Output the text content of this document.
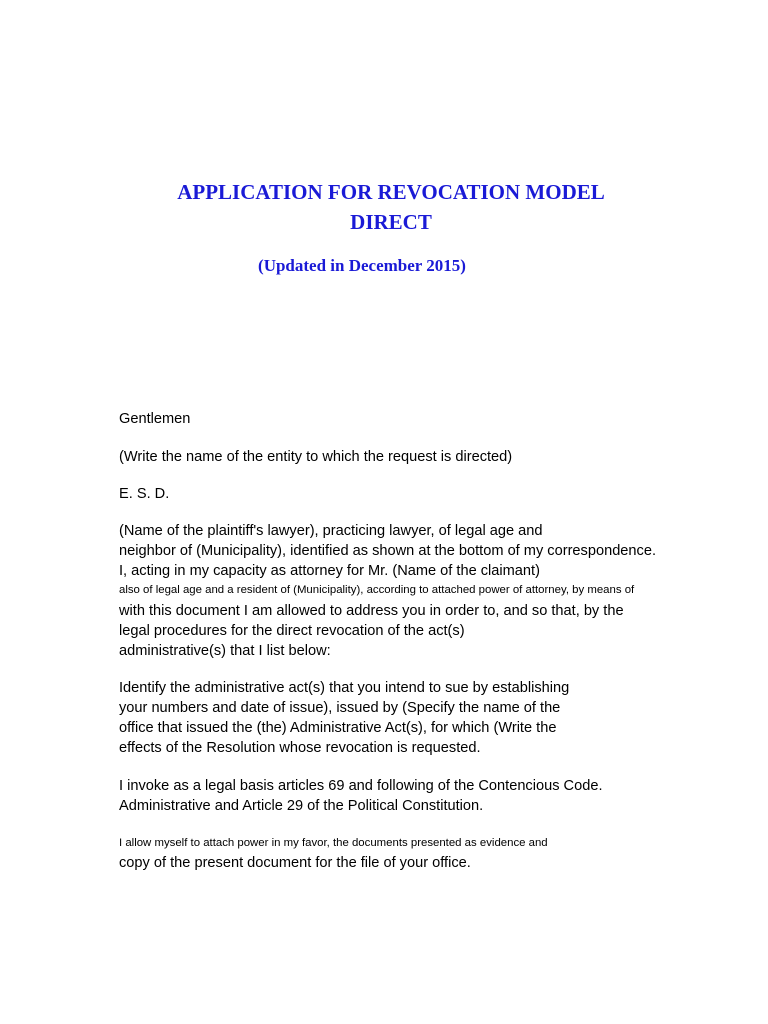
APPLICATION FOR REVOCATION MODEL
DIRECT
(Updated in December 2015)
Gentlemen
(Write the name of the entity to which the request is directed)
E. S. D.
(Name of the plaintiff's lawyer), practicing lawyer, of legal age and
neighbor of (Municipality), identified as shown at the bottom of my correspondence.
I, acting in my capacity as attorney for Mr. (Name of the claimant)
also of legal age and a resident of (Municipality), according to attached power of attorney, by means of
with this document I am allowed to address you in order to, and so that, by the
legal procedures for the direct revocation of the act(s)
administrative(s) that I list below:
Identify the administrative act(s) that you intend to sue by establishing
your numbers and date of issue), issued by (Specify the name of the
office that issued the (the) Administrative Act(s), for which (Write the
effects of the Resolution whose revocation is requested.
I invoke as a legal basis articles 69 and following of the Contencious Code.
Administrative and Article 29 of the Political Constitution.
I allow myself to attach power in my favor, the documents presented as evidence and
copy of the present document for the file of your office.
